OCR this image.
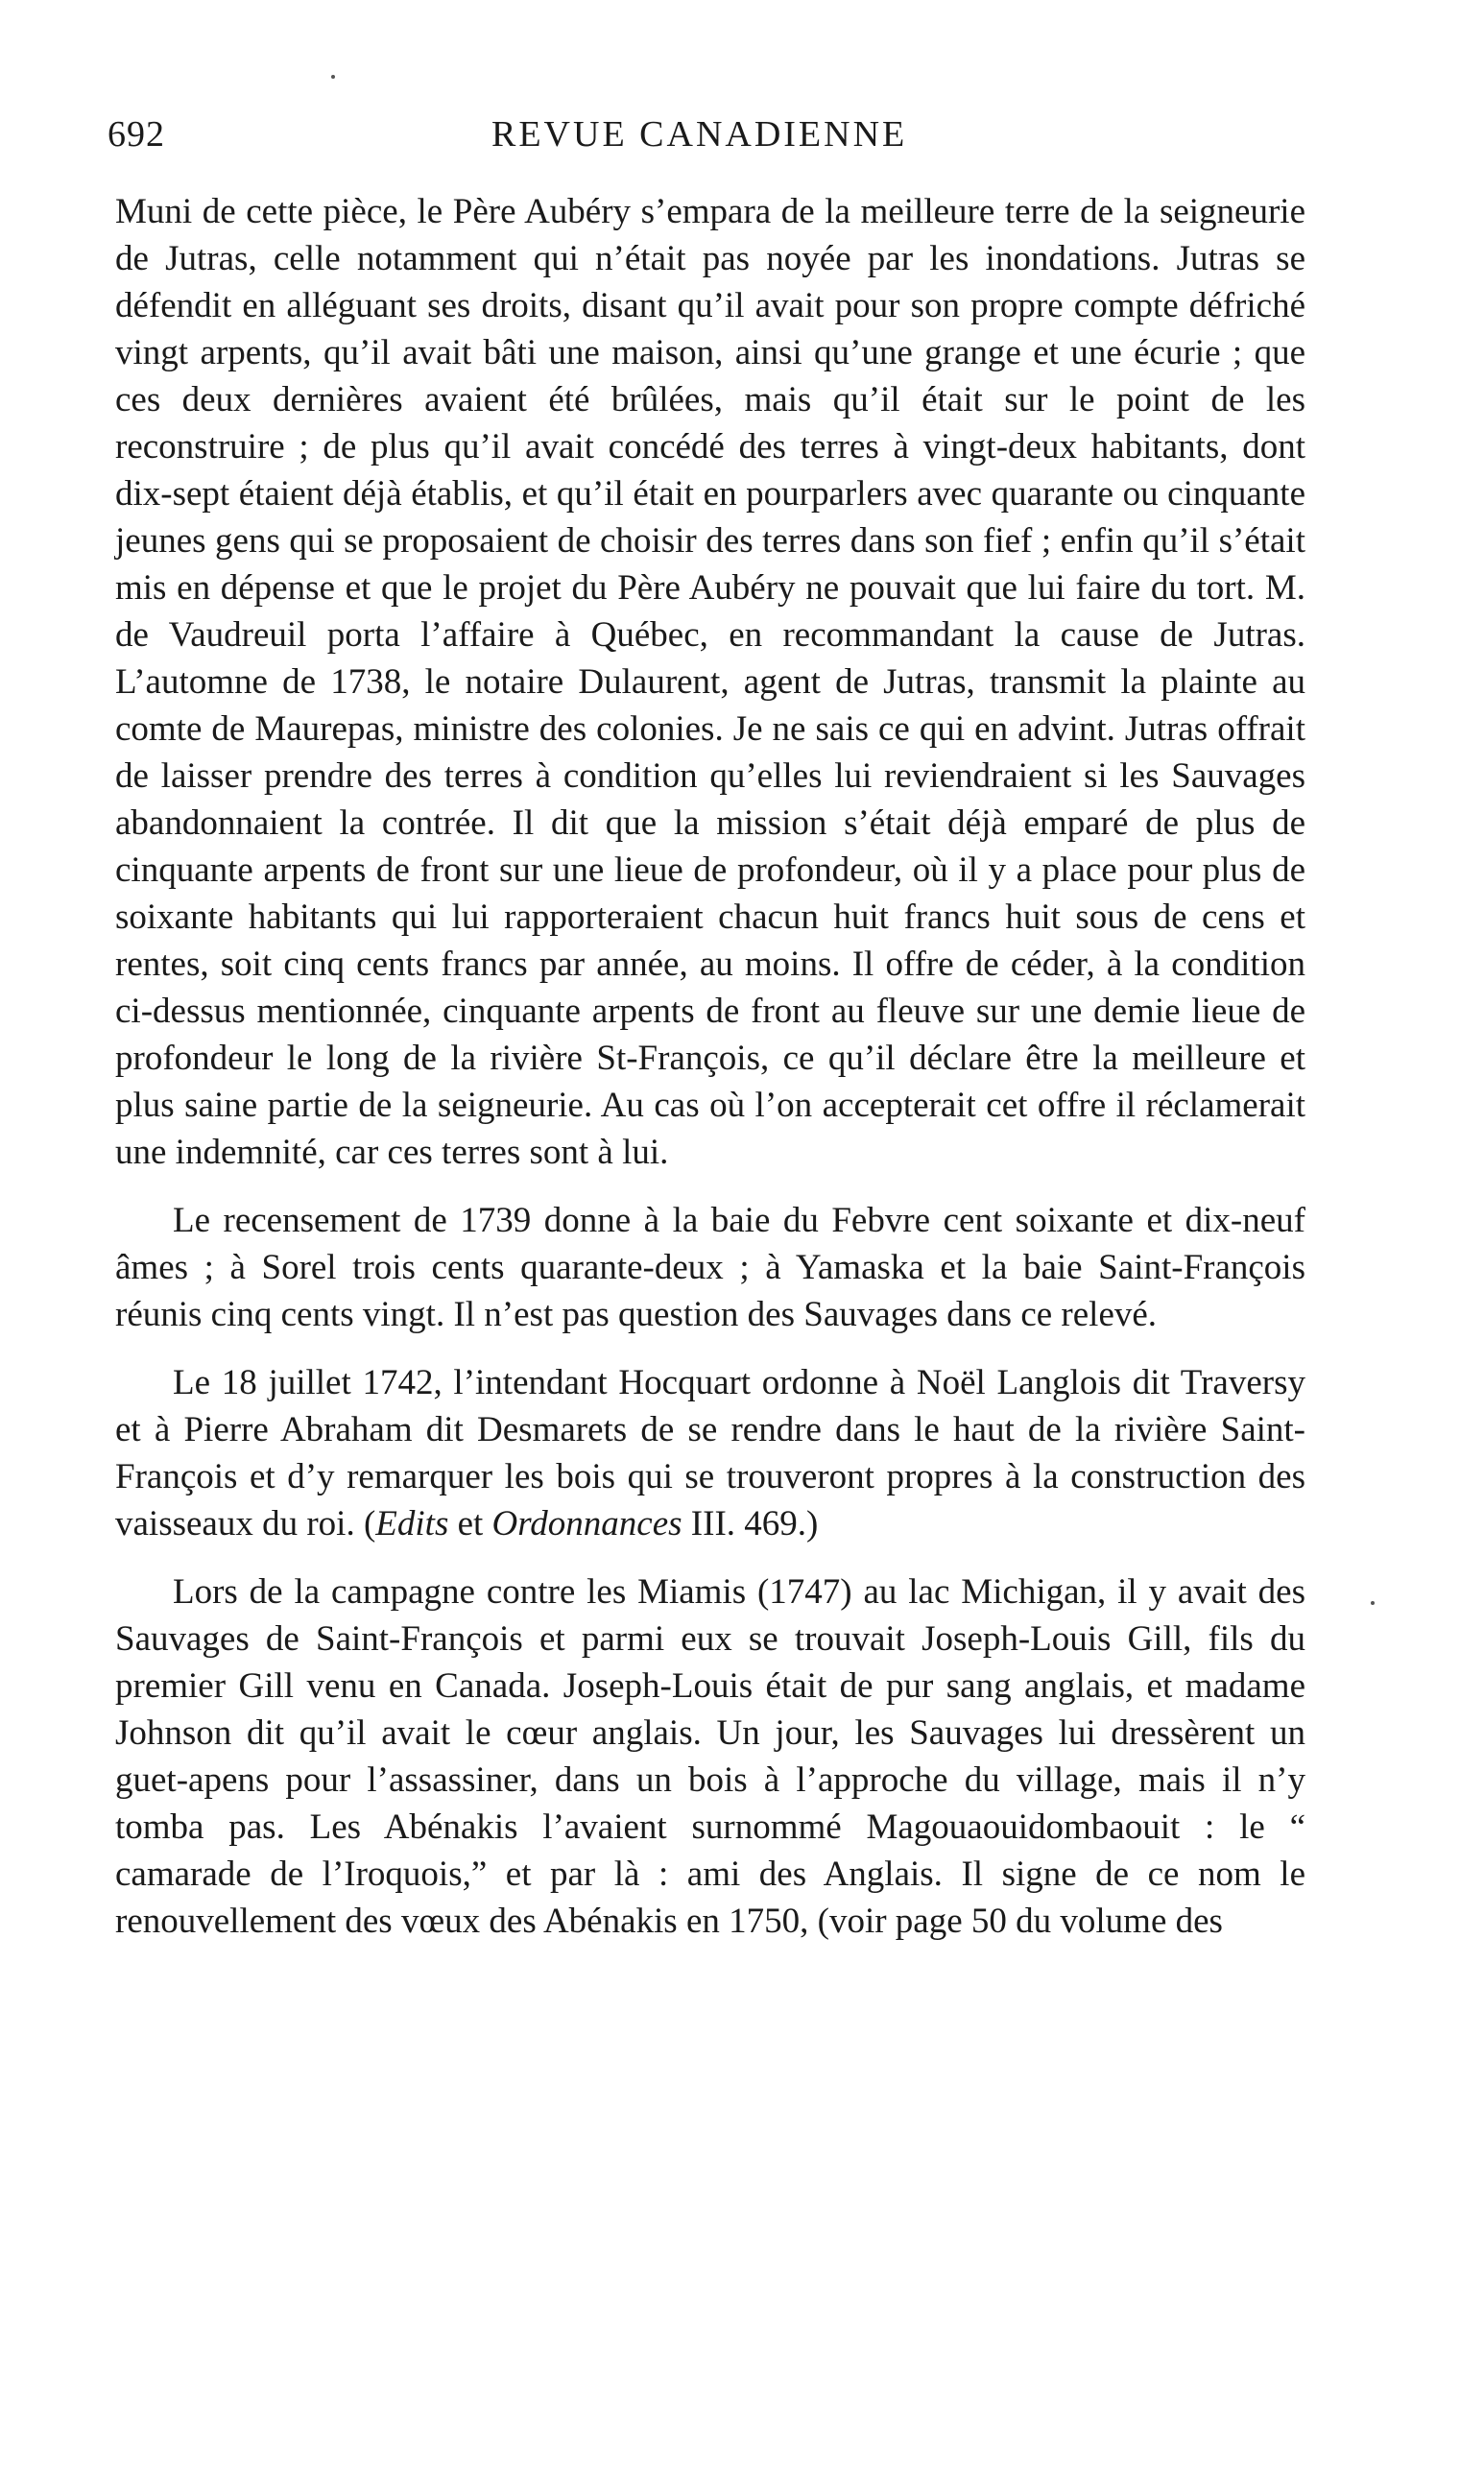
692	REVUE CANADIENNE

Muni de cette pièce, le Père Aubéry s’empara de la meilleure terre de la seigneurie de Jutras, celle notamment qui n’était pas noyée par les inondations. Jutras se défendit en alléguant ses droits, disant qu’il avait pour son propre compte défriché vingt arpents, qu’il avait bâti une maison, ainsi qu’une grange et une écurie ; que ces deux dernières avaient été brûlées, mais qu’il était sur le point de les reconstruire ; de plus qu’il avait concédé des terres à vingt-deux habitants, dont dix-sept étaient déjà établis, et qu’il était en pourparlers avec quarante ou cinquante jeunes gens qui se proposaient de choisir des terres dans son fief ; enfin qu’il s’était mis en dépense et que le projet du Père Aubéry ne pouvait que lui faire du tort. M. de Vaudreuil porta l’affaire à Québec, en recommandant la cause de Jutras. L’automne de 1738, le notaire Dulaurent, agent de Jutras, transmit la plainte au comte de Maurepas, ministre des colonies. Je ne sais ce qui en advint. Jutras offrait de laisser prendre des terres à condition qu’elles lui reviendraient si les Sauvages abandonnaient la contrée. Il dit que la mission s’était déjà emparé de plus de cinquante arpents de front sur une lieue de profondeur, où il y a place pour plus de soixante habitants qui lui rapporteraient chacun huit francs huit sous de cens et rentes, soit cinq cents francs par année, au moins. Il offre de céder, à la condition ci-dessus mentionnée, cinquante arpents de front au fleuve sur une demie lieue de profondeur le long de la rivière St-François, ce qu’il déclare être la meilleure et plus saine partie de la seigneurie. Au cas où l’on accepterait cet offre il réclamerait une indemnité, car ces terres sont à lui.

Le recensement de 1739 donne à la baie du Febvre cent soixante et dix-neuf âmes ; à Sorel trois cents quarante-deux ; à Yamaska et la baie Saint-François réunis cinq cents vingt. Il n’est pas question des Sauvages dans ce relevé.

Le 18 juillet 1742, l’intendant Hocquart ordonne à Noël Langlois dit Traversy et à Pierre Abraham dit Desmarets de se rendre dans le haut de la rivière Saint-François et d’y remarquer les bois qui se trouveront propres à la construction des vaisseaux du roi. (Edits et Ordonnances III. 469.)

Lors de la campagne contre les Miamis (1747) au lac Michigan, il y avait des Sauvages de Saint-François et parmi eux se trouvait Joseph-Louis Gill, fils du premier Gill venu en Canada. Joseph-Louis était de pur sang anglais, et madame Johnson dit qu’il avait le cœur anglais. Un jour, les Sauvages lui dressèrent un guet-apens pour l’assassiner, dans un bois à l’approche du village, mais il n’y tomba pas. Les Abénakis l’avaient surnommé Magouaouidombaouit : le “ camarade de l’Iroquois,” et par là : ami des Anglais. Il signe de ce nom le renouvellement des vœux des Abénakis en 1750, (voir page 50 du volume des
